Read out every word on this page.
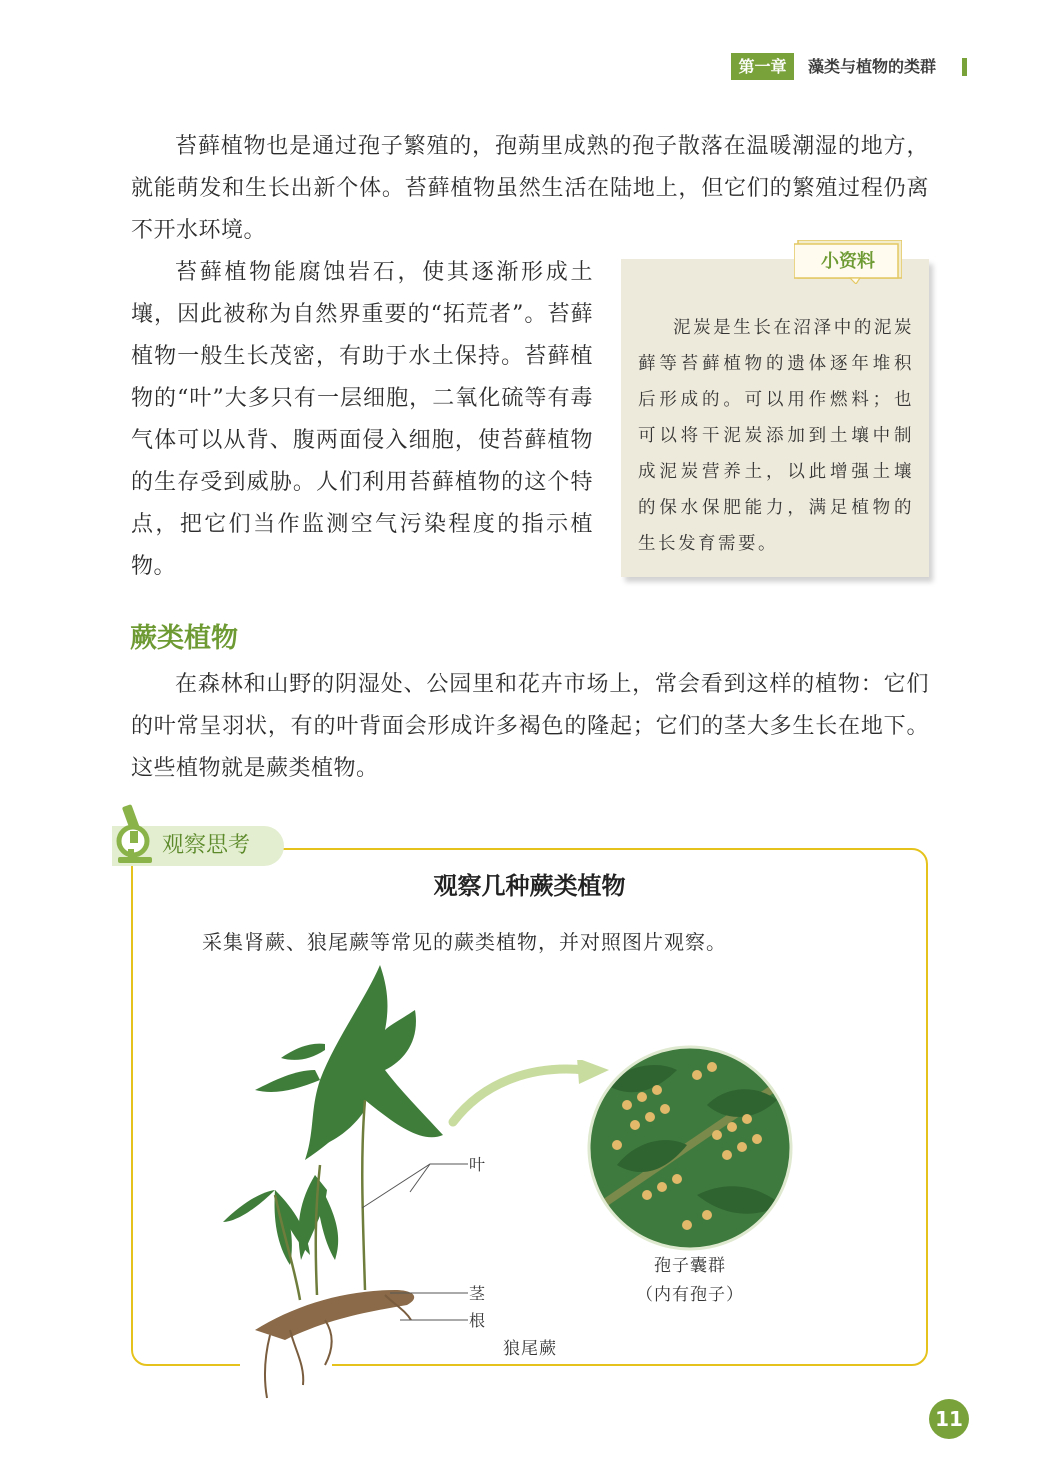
第一章	藻类与植物的类群

苔藓植物也是通过孢子繁殖的，孢蒴里成熟的孢子散落在温暖潮湿的地方，就能萌发和生长出新个体。苔藓植物虽然生活在陆地上，但它们的繁殖过程仍离不开水环境。

苔藓植物能腐蚀岩石，使其逐渐形成土壤，因此被称为自然界重要的“拓荒者”。苔藓植物一般生长茂密，有助于水土保持。苔藓植物的“叶”大多只有一层细胞，二氧化硫等有毒气体可以从背、腹两面侵入细胞，使苔藓植物的生存受到威胁。人们利用苔藓植物的这个特点，把它们当作监测空气污染程度的指示植物。

小资料

泥炭是生长在沼泽中的泥炭藓等苔藓植物的遗体逐年堆积后形成的。可以用作燃料；也可以将干泥炭添加到土壤中制成泥炭营养土，以此增强土壤的保水保肥能力，满足植物的生长发育需要。

蕨类植物

在森林和山野的阴湿处、公园里和花卉市场上，常会看到这样的植物：它们的叶常呈羽状，有的叶背面会形成许多褐色的隆起；它们的茎大多生长在地下。这些植物就是蕨类植物。

观察思考
观察几种蕨类植物

采集肾蕨、狼尾蕨等常见的蕨类植物，并对照图片观察。

叶

茎

根

狼尾蕨

孢子囊群

（内有孢子）

11
